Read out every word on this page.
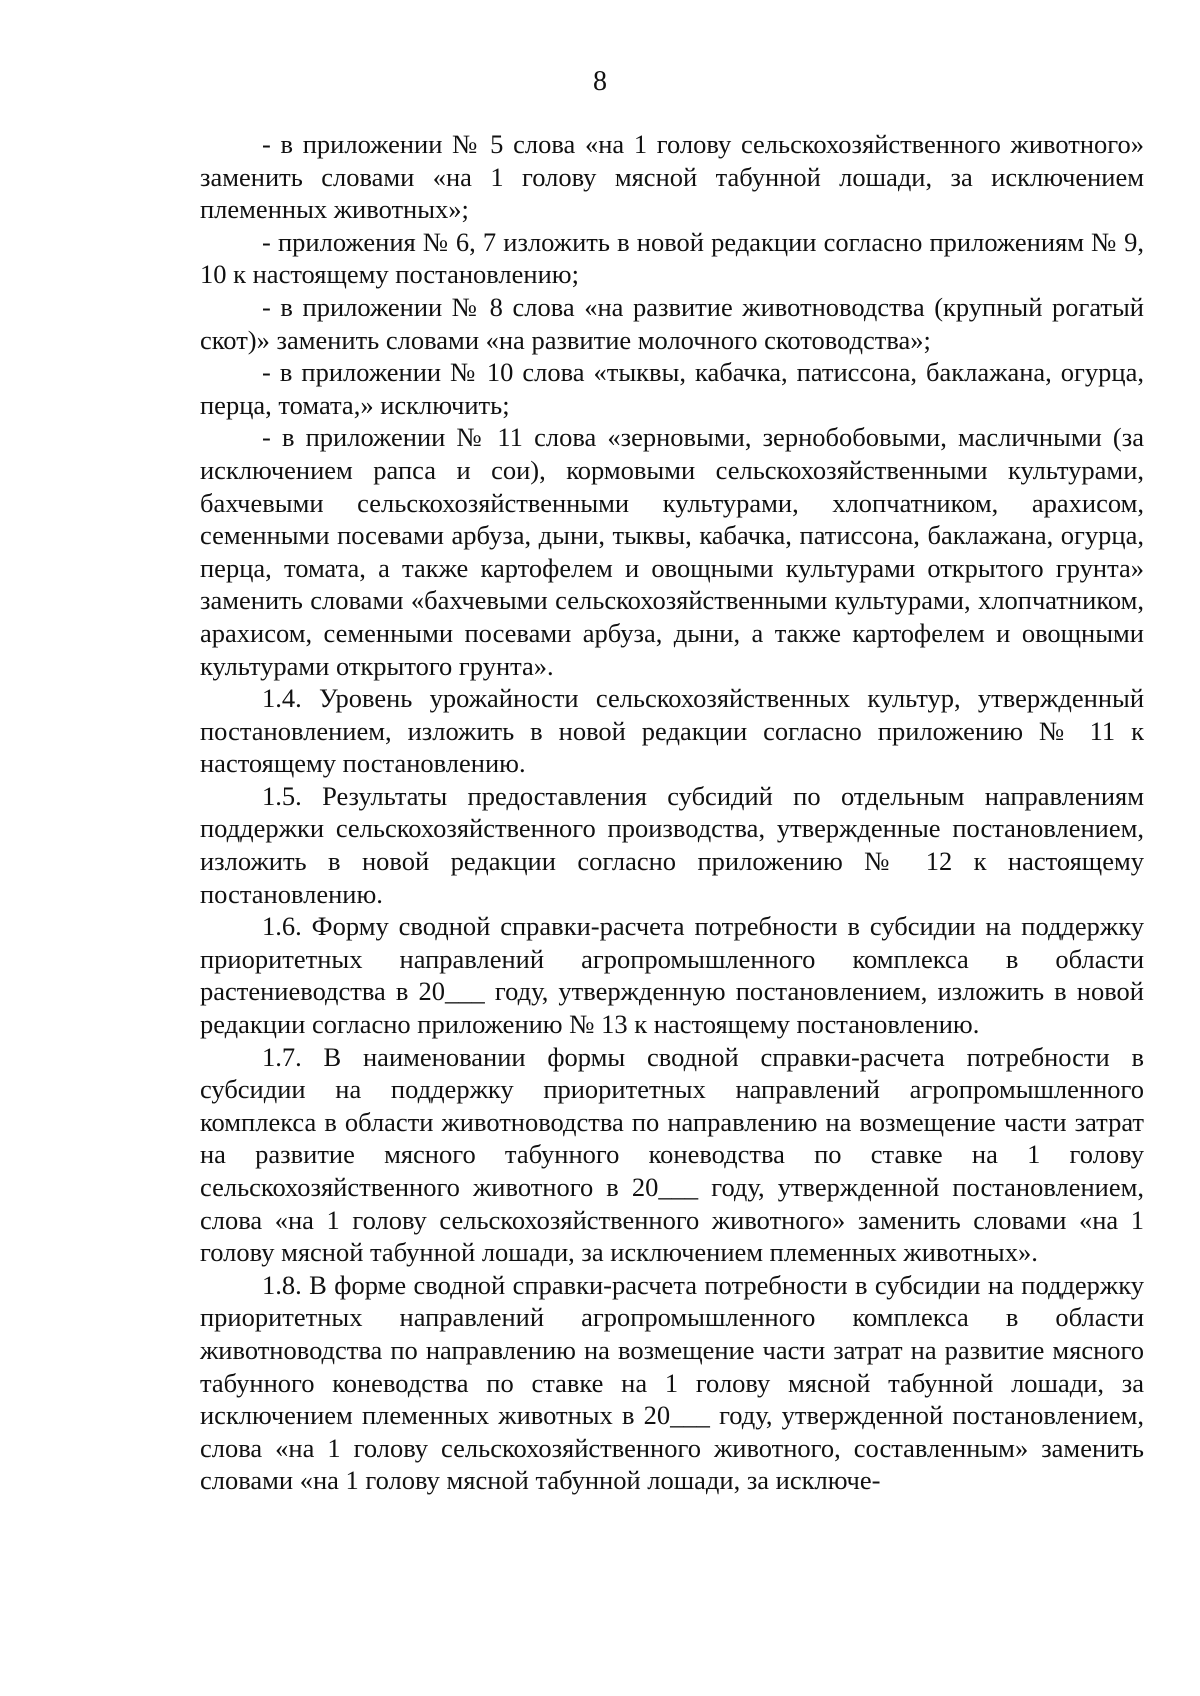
8

- в приложении № 5 слова «на 1 голову сельскохозяйственного животного» заменить словами «на 1 голову мясной табунной лошади, за исключением племенных животных»;

- приложения № 6, 7 изложить в новой редакции согласно приложениям № 9, 10 к настоящему постановлению;

- в приложении № 8 слова «на развитие животноводства (крупный рогатый скот)» заменить словами «на развитие молочного скотоводства»;

- в приложении № 10 слова «тыквы, кабачка, патиссона, баклажана, огурца, перца, томата,» исключить;

- в приложении № 11 слова «зерновыми, зернобобовыми, масличными (за исключением рапса и сои), кормовыми сельскохозяйственными культурами, бахчевыми сельскохозяйственными культурами, хлопчатником, арахисом, семенными посевами арбуза, дыни, тыквы, кабачка, патиссона, баклажана, огурца, перца, томата, а также картофелем и овощными культурами открытого грунта» заменить словами «бахчевыми сельскохозяйственными культурами, хлопчатником, арахисом, семенными посевами арбуза, дыни, а также картофелем и овощными культурами открытого грунта».

1.4. Уровень урожайности сельскохозяйственных культур, утвержденный постановлением, изложить в новой редакции согласно приложению № 11 к настоящему постановлению.

1.5. Результаты предоставления субсидий по отдельным направлениям поддержки сельскохозяйственного производства, утвержденные постановлением, изложить в новой редакции согласно приложению № 12 к настоящему постановлению.

1.6. Форму сводной справки-расчета потребности в субсидии на поддержку приоритетных направлений агропромышленного комплекса в области растениеводства в 20___ году, утвержденную постановлением, изложить в новой редакции согласно приложению № 13 к настоящему постановлению.

1.7. В наименовании формы сводной справки-расчета потребности в субсидии на поддержку приоритетных направлений агропромышленного комплекса в области животноводства по направлению на возмещение части затрат на развитие мясного табунного коневодства по ставке на 1 голову сельскохозяйственного животного в 20___ году, утвержденной постановлением, слова «на 1 голову сельскохозяйственного животного» заменить словами «на 1 голову мясной табунной лошади, за исключением племенных животных».

1.8. В форме сводной справки-расчета потребности в субсидии на поддержку приоритетных направлений агропромышленного комплекса в области животноводства по направлению на возмещение части затрат на развитие мясного табунного коневодства по ставке на 1 голову мясной табунной лошади, за исключением племенных животных в 20___ году, утвержденной постановлением, слова «на 1 голову сельскохозяйственного животного, составленным» заменить словами «на 1 голову мясной табунной лошади, за исключе-
